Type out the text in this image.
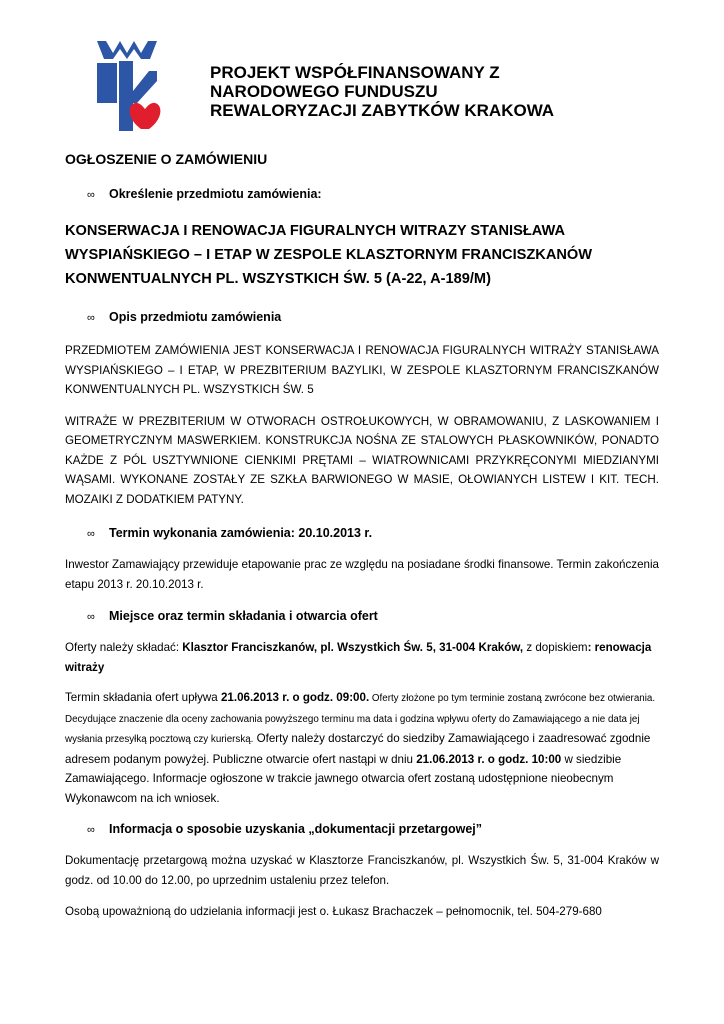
PROJEKT WSPÓŁFINANSOWANY Z
NARODOWEGO FUNDUSZU
REWALORYZACJI ZABYTKÓW KRAKOWA

OGŁOSZENIE O ZAMÓWIENIU

∞	Określenie przedmiotu zamówienia:

KONSERWACJA I RENOWACJA FIGURALNYCH WITRAZY STANISŁAWA WYSPIAŃSKIEGO – I ETAP W ZESPOLE KLASZTORNYM FRANCISZKANÓW KONWENTUALNYCH PL. WSZYSTKICH ŚW. 5 (A-22, A-189/M)

∞	Opis przedmiotu zamówienia

PRZEDMIOTEM ZAMÓWIENIA JEST KONSERWACJA I RENOWACJA FIGURALNYCH WITRAŻY STANISŁAWA WYSPIAŃSKIEGO – I ETAP, W PREZBITERIUM BAZYLIKI, W ZESPOLE KLASZTORNYM FRANCISZKANÓW KONWENTUALNYCH PL. WSZYSTKICH ŚW. 5

WITRAŻE W PREZBITERIUM W OTWORACH OSTROŁUKOWYCH, W OBRAMOWANIU, Z LASKOWANIEM I GEOMETRYCZNYM MASWERKIEM. KONSTRUKCJA NOŚNA ZE STALOWYCH PŁASKOWNIKÓW, PONADTO KAŻDE Z PÓL USZTYWNIONE CIENKIMI PRĘTAMI – WIATROWNICAMI PRZYKRĘCONYMI MIEDZIANYMI WĄSAMI. WYKONANE ZOSTAŁY ZE SZKŁA BARWIONEGO W MASIE, OŁOWIANYCH LISTEW I KIT. TECH. MOZAIKI Z DODATKIEM PATYNY.

∞	Termin wykonania zamówienia: 20.10.2013 r.

Inwestor Zamawiający przewiduje etapowanie prac ze względu na posiadane środki finansowe. Termin zakończenia etapu 2013 r. 20.10.2013 r.

∞	Miejsce oraz termin składania i otwarcia ofert

Oferty należy składać: Klasztor Franciszkanów, pl. Wszystkich Św. 5, 31-004 Kraków, z dopiskiem: renowacja witraży

Termin składania ofert upływa 21.06.2013 r. o godz. 09:00. Oferty złożone po tym terminie zostaną zwrócone bez otwierania. Decydujące znaczenie dla oceny zachowania powyższego terminu ma data i godzina wpływu oferty do Zamawiającego a nie data jej wysłania przesyłką pocztową czy kurierską. Oferty należy dostarczyć do siedziby Zamawiającego i zaadresować zgodnie adresem podanym powyżej. Publiczne otwarcie ofert nastąpi w dniu 21.06.2013 r. o godz. 10:00 w siedzibie Zamawiającego. Informacje ogłoszone w trakcie jawnego otwarcia ofert zostaną udostępnione nieobecnym Wykonawcom na ich wniosek.

∞	Informacja o sposobie uzyskania „dokumentacji przetargowej”

Dokumentację przetargową można uzyskać w Klasztorze Franciszkanów, pl. Wszystkich Św. 5, 31-004 Kraków w godz. od 10.00 do 12.00, po uprzednim ustaleniu przez telefon.

Osobą upoważnioną do udzielania informacji jest o. Łukasz Brachaczek – pełnomocnik, tel. 504-279-680
